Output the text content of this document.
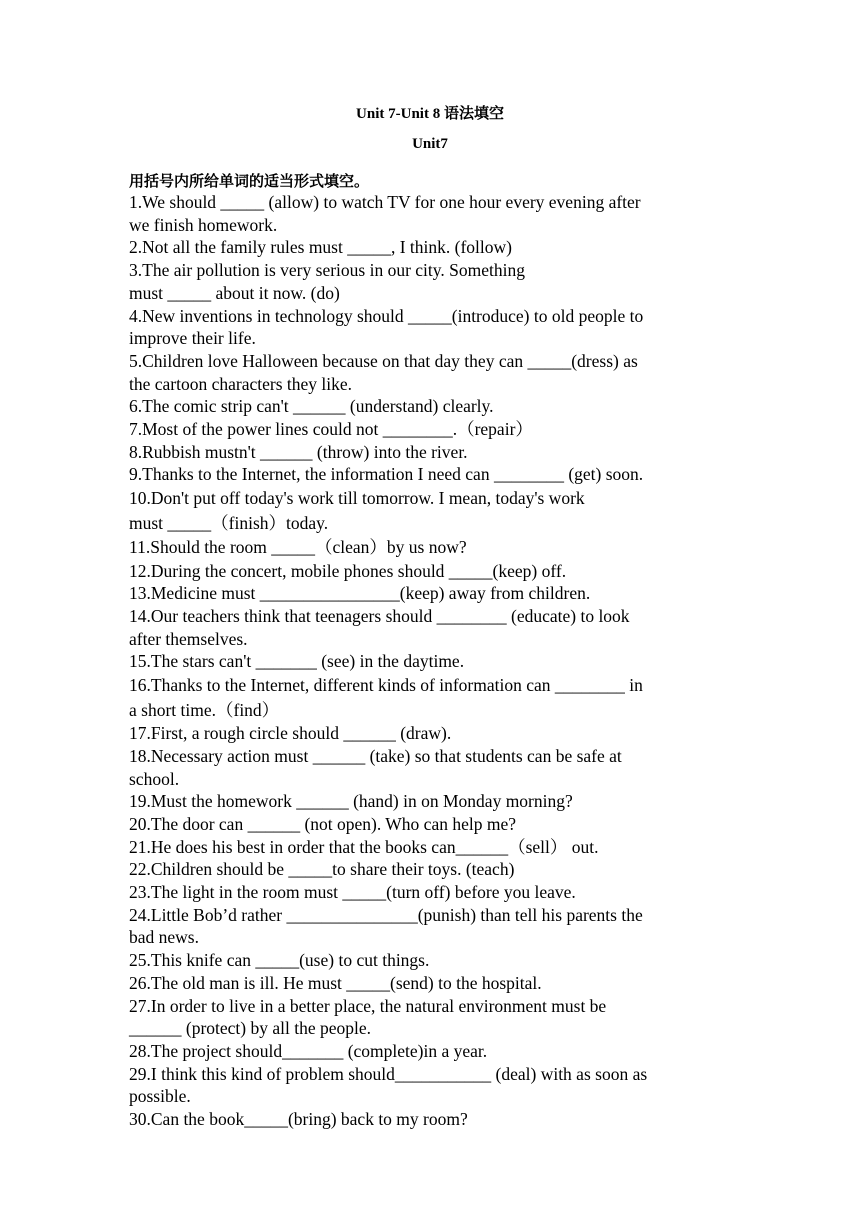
Unit 7-Unit 8 语法填空
Unit7
用括号内所给单词的适当形式填空。
1.We should _____ (allow) to watch TV for one hour every evening after
we finish homework.
2.Not all the family rules must _____, I think. (follow)
3.The air pollution is very serious in our city. Something
must _____ about it now. (do)
4.New inventions in technology should _____(introduce) to old people to
improve their life.
5.Children love Halloween because on that day they can _____(dress) as
the cartoon characters they like.
6.The comic strip can't ______ (understand) clearly.
7.Most of the power lines could not ________.（repair）
8.Rubbish mustn't ______ (throw) into the river.
9.Thanks to the Internet, the information I need can ________ (get) soon.
10.Don't put off today's work till tomorrow. I mean, today's work
must _____（finish）today.
11.Should the room _____（clean）by us now?
12.During the concert, mobile phones should _____(keep) off.
13.Medicine must ________________(keep) away from children.
14.Our teachers think that teenagers should ________ (educate) to look
after themselves.
15.The stars can't _______ (see) in the daytime.
16.Thanks to the Internet, different kinds of information can ________ in
a short time.（find）
17.First, a rough circle should ______ (draw).
18.Necessary action must ______ (take) so that students can be safe at
school.
19.Must the homework ______ (hand) in on Monday morning?
20.The door can ______ (not open). Who can help me?
21.He does his best in order that the books can______（sell） out.
22.Children should be _____to share their toys. (teach)
23.The light in the room must _____(turn off) before you leave.
24.Little Bob’d rather _______________(punish) than tell his parents the
bad news.
25.This knife can _____(use) to cut things.
26.The old man is ill. He must _____(send) to the hospital.
27.In order to live in a better place, the natural environment must be
______ (protect) by all the people.
28.The project should_______ (complete)in a year.
29.I think this kind of problem should___________ (deal) with as soon as
possible.
30.Can the book_____(bring) back to my room?
